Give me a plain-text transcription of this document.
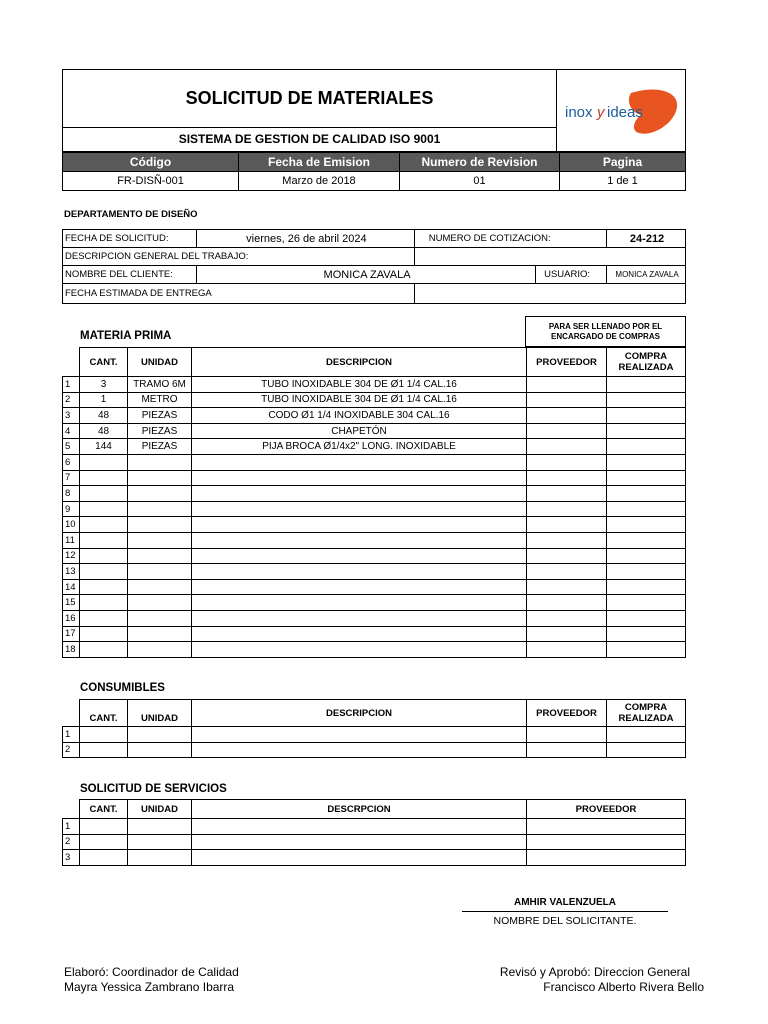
SOLICITUD DE MATERIALES
inox y ideas
SISTEMA DE GESTION DE CALIDAD ISO 9001
Código	Fecha de Emision	Numero de Revision	Pagina
FR-DISÑ-001	Marzo de 2018	01	1 de 1
DEPARTAMENTO DE DISEÑO
FECHA DE SOLICITUD:	viernes, 26 de abril 2024	NUMERO DE COTIZACION:		24-212
DESCRIPCION GENERAL DEL TRABAJO:				
NOMBRE DEL CLIENTE:	MONICA ZAVALA		USUARIO:	MONICA ZAVALA
FECHA ESTIMADA DE ENTREGA				
MATERIA PRIMA
PARA SER LLENADO POR EL ENCARGADO DE COMPRAS
	CANT.	UNIDAD	DESCRIPCION	PROVEEDOR	COMPRA REALIZADA
1	3	TRAMO 6M	TUBO INOXIDABLE 304 DE Ø1 1/4 CAL.16		
2	1	METRO	TUBO INOXIDABLE 304 DE Ø1 1/4 CAL.16		
3	48	PIEZAS	CODO Ø1 1/4 INOXIDABLE 304 CAL.16		
4	48	PIEZAS	CHAPETÓN		
5	144	PIEZAS	PIJA BROCA Ø1/4x2" LONG. INOXIDABLE		
6					
7					
8					
9					
10					
11					
12					
13					
14					
15					
16					
17					
18					
CONSUMIBLES
	CANT.	UNIDAD	DESCRIPCION	PROVEEDOR	COMPRA REALIZADA
1					
2					
SOLICITUD DE SERVICIOS
	CANT.	UNIDAD	DESCRPCION	PROVEEDOR
1				
2				
3				
AMHIR VALENZUELA
NOMBRE DEL SOLICITANTE.
Elaboró: Coordinador de Calidad
Mayra Yessica Zambrano Ibarra
Revisó y Aprobó: Direccion General
Francisco Alberto Rivera Bello
